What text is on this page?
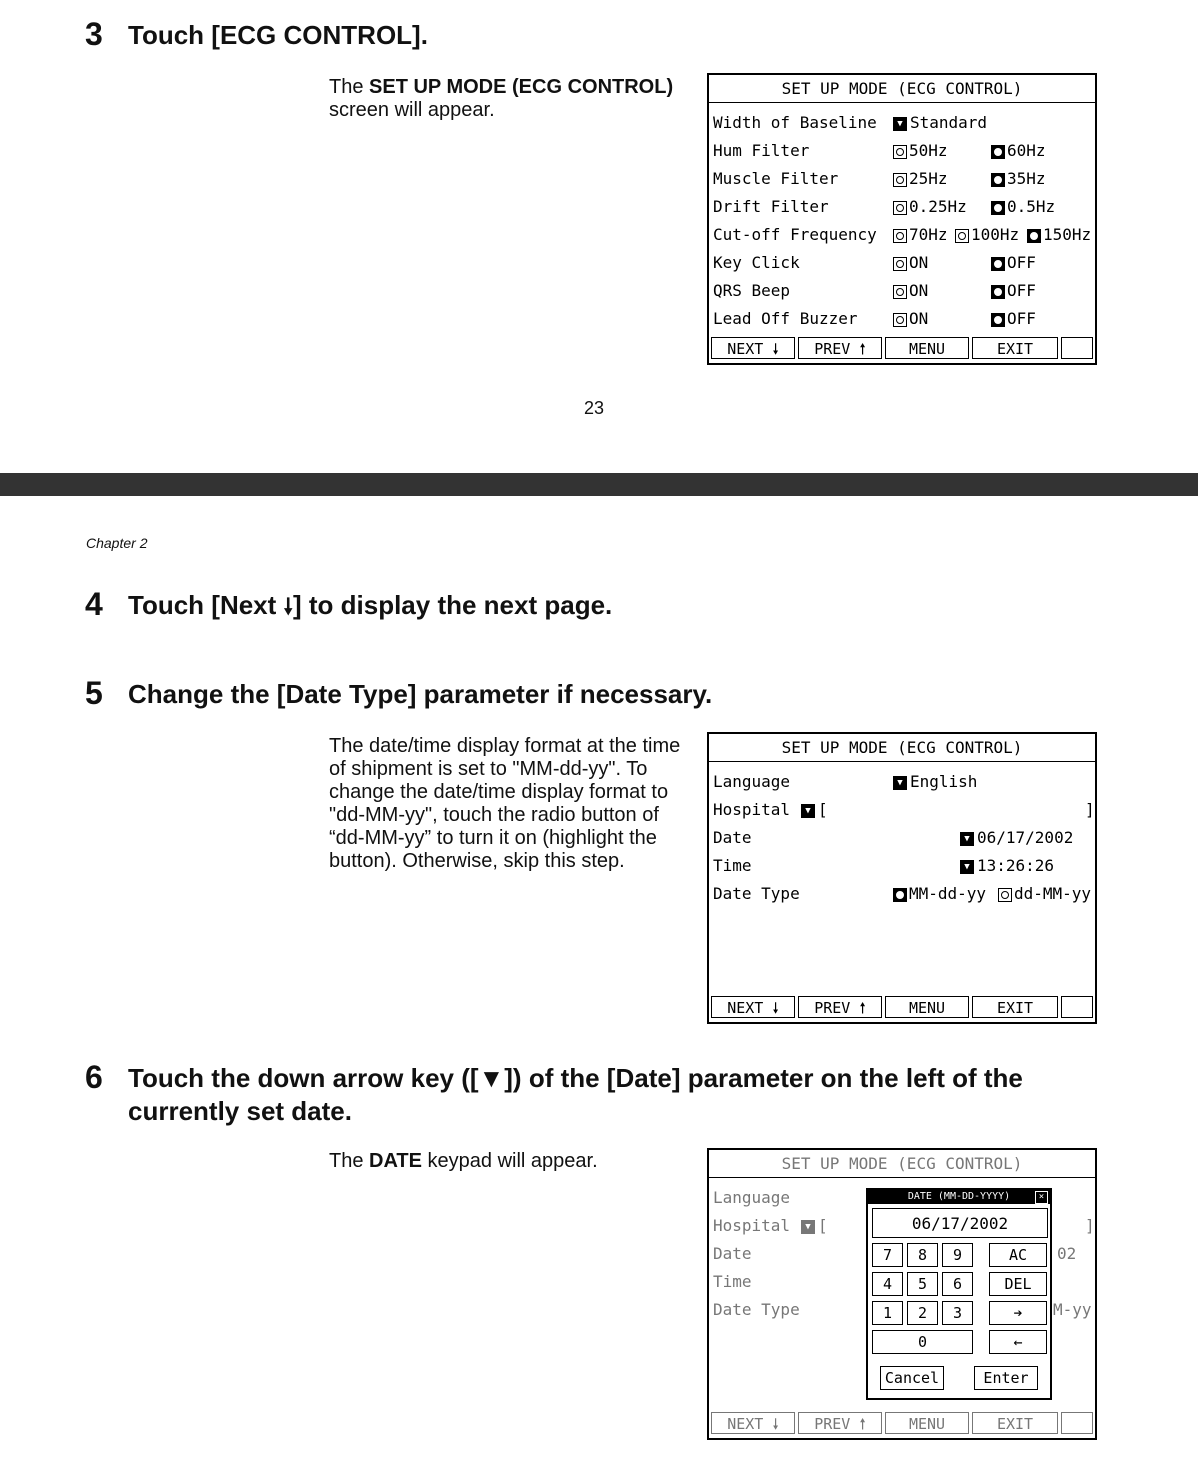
3 Touch [ECG CONTROL].
The SET UP MODE (ECG CONTROL)
screen will appear.
SET UP MODE (ECG CONTROL)
Width of Baseline	▼ Standard
Hum Filter	50Hz	60Hz
Muscle Filter	25Hz	35Hz
Drift Filter	0.25Hz	0.5Hz
Cut-off Frequency	70Hz	100Hz	150Hz
Key Click	ON	OFF
QRS Beep	ON	OFF
Lead Off Buzzer	ON	OFF
NEXT 🠗	PREV 🠕	MENU	EXIT
23
Chapter 2
4 Touch [Next 🠗] to display the next page.
5 Change the [Date Type] parameter if necessary.
The date/time display format at the time of shipment is set to "MM-dd-yy". To change the date/time display format to "dd-MM-yy", touch the radio button of “dd-MM-yy” to turn it on (highlight the button). Otherwise, skip this step.
6 Touch the down arrow key ([▼]) of the [Date] parameter on the left of the currently set date.
The DATE keypad will appear.
SET UP MODE (ECG CONTROL)
Language	▼ English
Hospital	▼ [	]
Date	▼ 06/17/2002
Time	▼ 13:26:26
Date Type	MM-dd-yy	dd-MM-yy
NEXT 🠗	PREV 🠕	MENU	EXIT
SET UP MODE (ECG CONTROL)
Language
Hospital	▼ [	]
Date	02
Time
Date Type	M-yy
NEXT 🠗	PREV 🠕	MENU	EXIT
DATE (MM-DD-YYYY)	×
06/17/2002
7	8	9	AC
4	5	6	DEL
1	2	3	➔
0	←
Cancel	Enter
